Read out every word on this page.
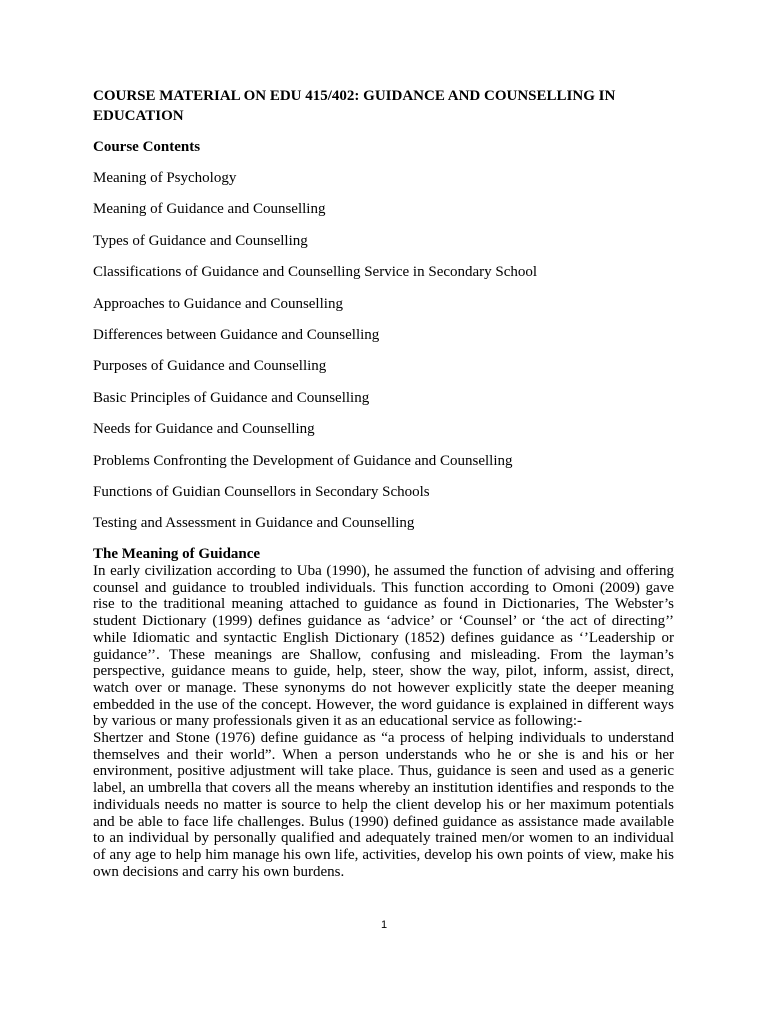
COURSE MATERIAL ON EDU 415/402: GUIDANCE AND COUNSELLING IN EDUCATION
Course Contents
Meaning of Psychology
Meaning of Guidance and Counselling
Types of Guidance and Counselling
Classifications of Guidance and Counselling Service in Secondary School
Approaches to Guidance and Counselling
Differences between Guidance and Counselling
Purposes of Guidance and Counselling
Basic Principles of Guidance and Counselling
Needs for Guidance and Counselling
Problems Confronting the Development of Guidance and Counselling
Functions of Guidian Counsellors in Secondary Schools
Testing and Assessment in Guidance and Counselling
The Meaning of Guidance

In early civilization according to Uba (1990), he assumed the function of advising and offering counsel and guidance to troubled individuals. This function according to Omoni (2009) gave rise to the traditional meaning attached to guidance as found in Dictionaries, The Webster’s student Dictionary (1999) defines guidance as ‘advice’ or ‘Counsel’ or ‘the act of directing’’ while Idiomatic and syntactic English Dictionary (1852) defines guidance as ‘’Leadership or guidance’’. These meanings are Shallow, confusing and misleading. From the layman’s perspective, guidance means to guide, help, steer, show the way, pilot, inform, assist, direct, watch over or manage. These synonyms do not however explicitly state the deeper meaning embedded in the use of the concept. However, the word guidance is explained in different ways by various or many professionals given it as an educational service as following:-

Shertzer and Stone (1976) define guidance as “a process of helping individuals to understand themselves and their world”. When a person understands who he or she is and his or her environment, positive adjustment will take place. Thus, guidance is seen and used as a generic label, an umbrella that covers all the means whereby an institution identifies and responds to the individuals needs no matter is source to help the client develop his or her maximum potentials and be able to face life challenges. Bulus (1990) defined guidance as assistance made available to an individual by personally qualified and adequately trained men/or women to an individual of any age to help him manage his own life, activities, develop his own points of view, make his own decisions and carry his own burdens.

1
